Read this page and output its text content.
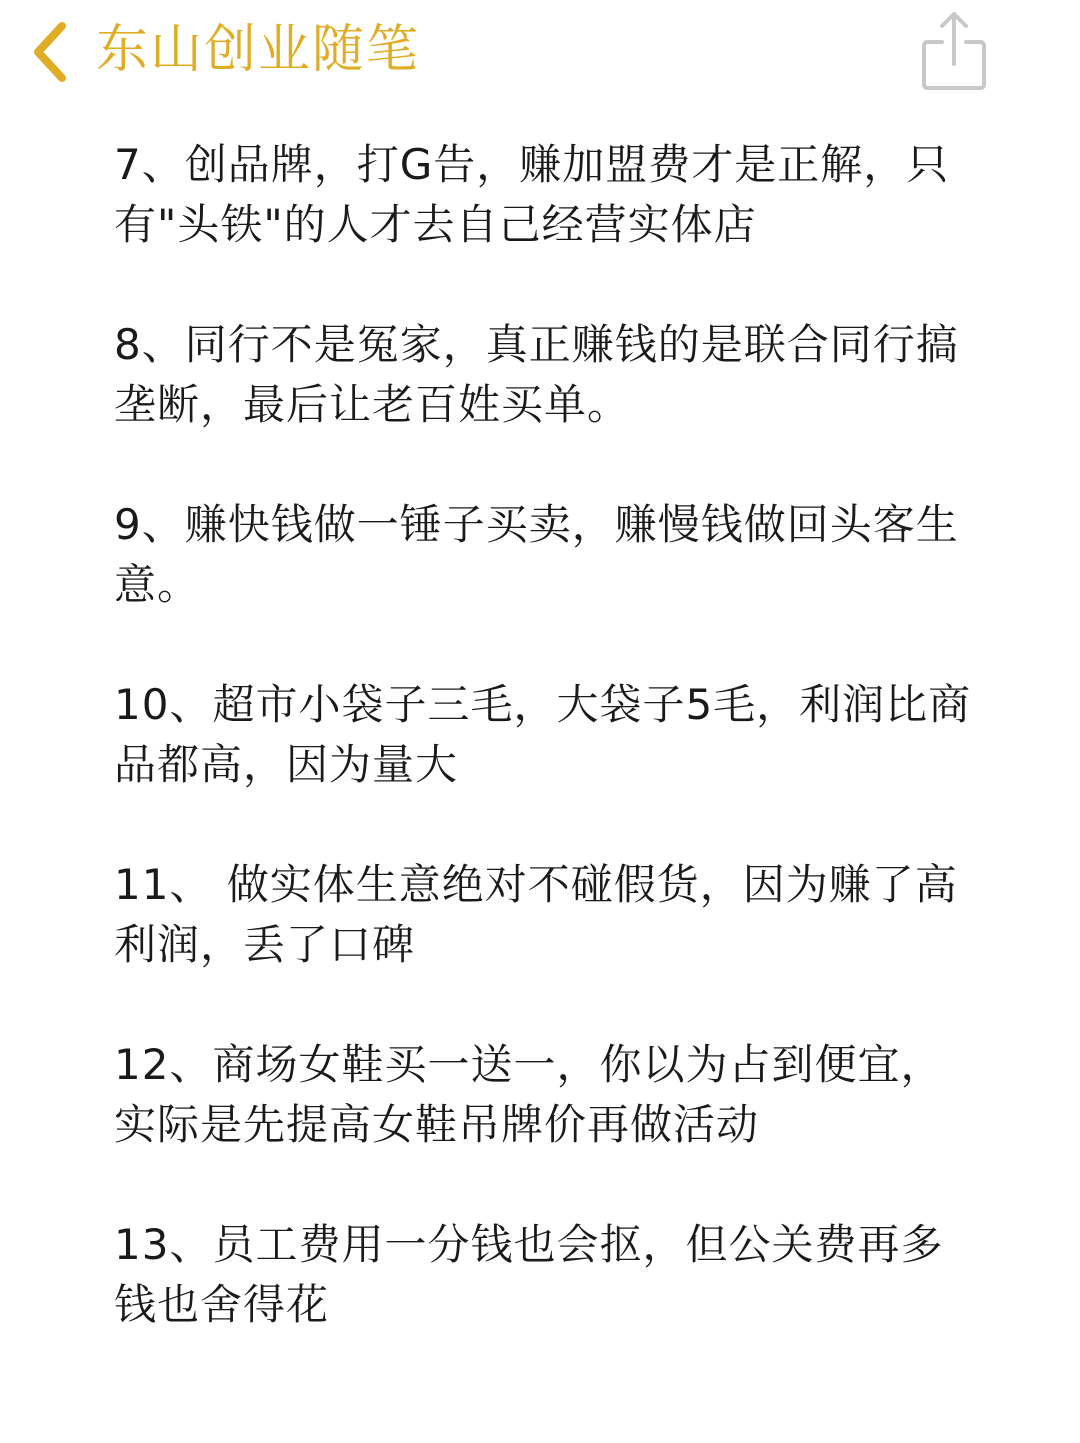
东山创业随笔

7、创品牌，打G告，赚加盟费才是正解，只
有"头铁"的人才去自己经营实体店

8、同行不是冤家，真正赚钱的是联合同行搞
垄断，最后让老百姓买单。

9、赚快钱做一锤子买卖，赚慢钱做回头客生
意。

10、超市小袋子三毛，大袋子5毛，利润比商
品都高，因为量大

11、 做实体生意绝对不碰假货，因为赚了高
利润，丢了口碑

12、商场女鞋买一送一，你以为占到便宜，
实际是先提高女鞋吊牌价再做活动

13、员工费用一分钱也会抠，但公关费再多
钱也舍得花
